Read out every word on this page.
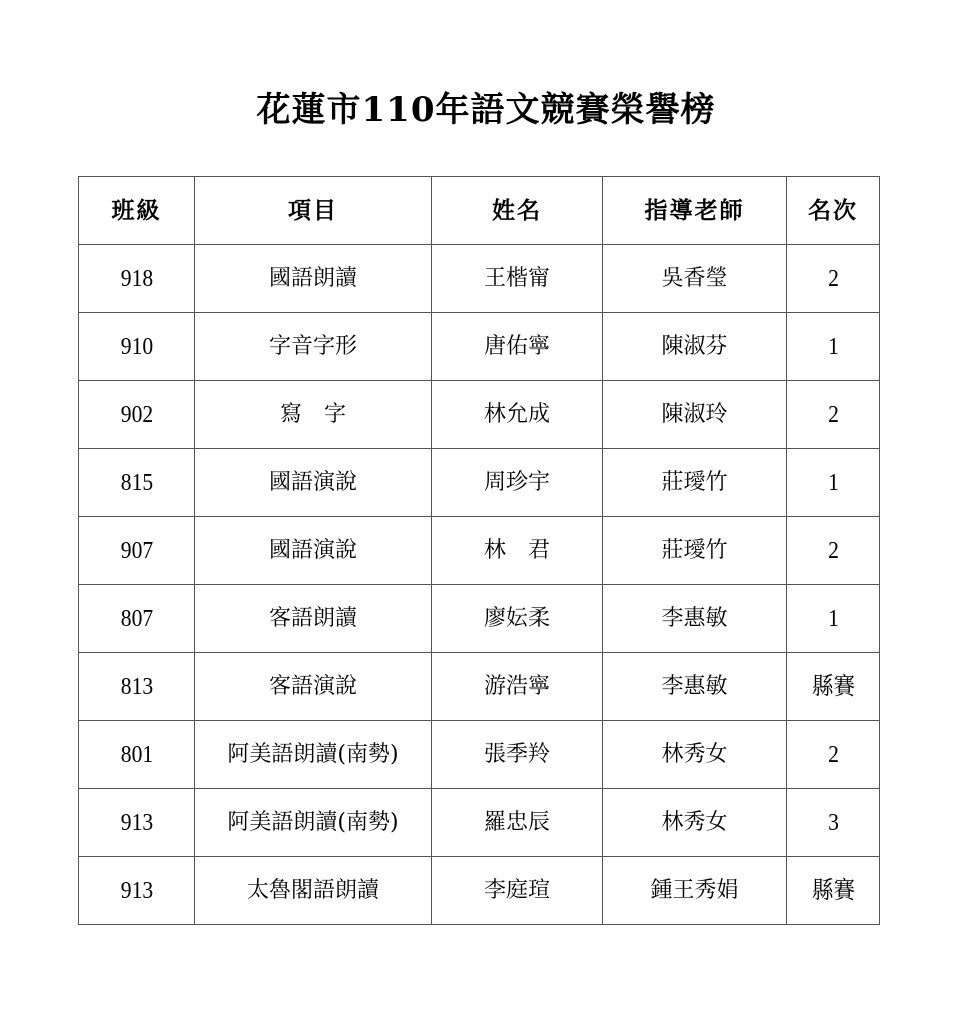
花蓮市110年語文競賽榮譽榜
班級	項目	姓名	指導老師	名次
918	國語朗讀	王楷甯	吳香瑩	2
910	字音字形	唐佑寧	陳淑芬	1
902	寫　字	林允成	陳淑玲	2
815	國語演說	周珍宇	莊璦竹	1
907	國語演說	林　君	莊璦竹	2
807	客語朗讀	廖妘柔	李惠敏	1
813	客語演說	游浩寧	李惠敏	縣賽
801	阿美語朗讀(南勢)	張季羚	林秀女	2
913	阿美語朗讀(南勢)	羅忠辰	林秀女	3
913	太魯閣語朗讀	李庭瑄	鍾王秀娟	縣賽
